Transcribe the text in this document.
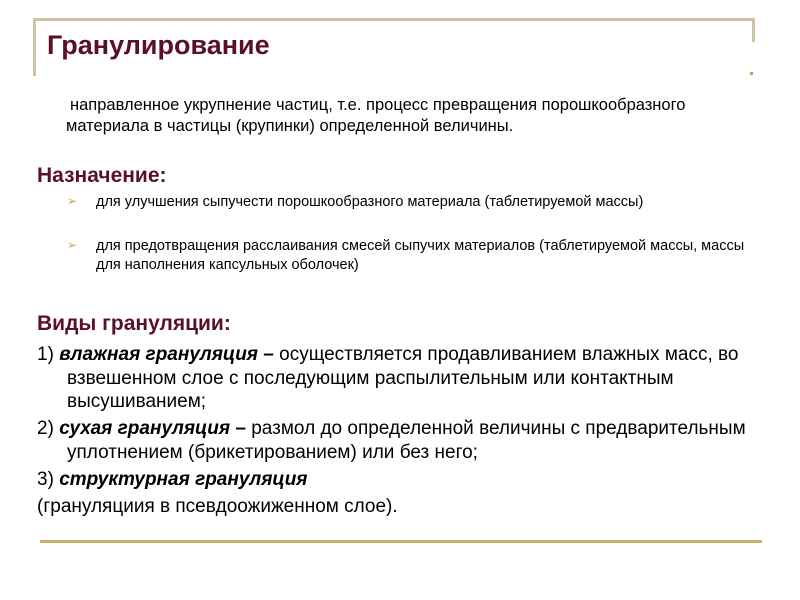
Гранулирование
направленное укрупнение частиц, т.е. процесс превращения порошкообразного материала в частицы (крупинки) определенной величины.
Назначение:
➢ для улучшения сыпучести порошкообразного материала (таблетируемой массы)
➢ для предотвращения расслаивания смесей сыпучих материалов (таблетируемой массы, массы для наполнения капсульных оболочек)
Виды грануляции:
1) влажная грануляция – осуществляется продавливанием влажных масс, во взвешенном слое с последующим распылительным или контактным высушиванием;
2) сухая грануляция – размол до определенной величины с предварительным уплотнением (брикетированием) или без него;
3) структурная грануляция
(грануляциия в псевдоожиженном слое).
